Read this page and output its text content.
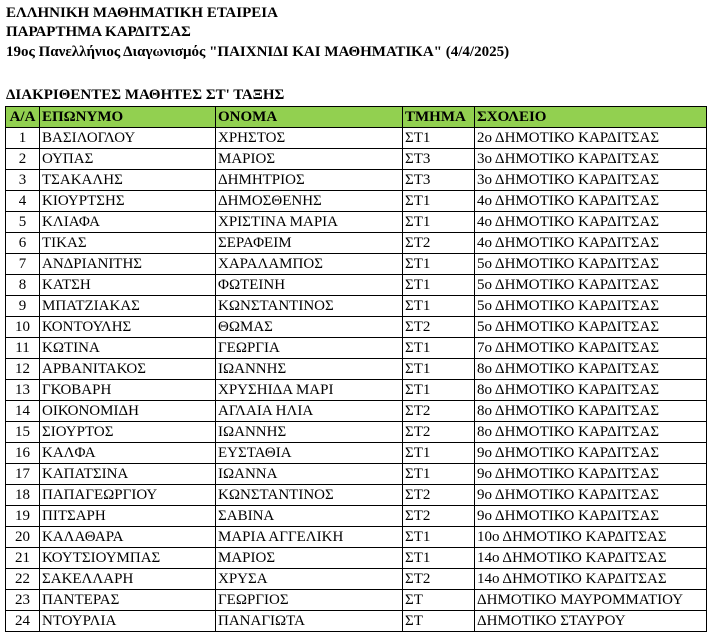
ΕΛΛΗΝΙΚΗ ΜΑΘΗΜΑΤΙΚΗ ΕΤΑΙΡΕΙΑ
ΠΑΡΑΡΤΗΜΑ ΚΑΡΔΙΤΣΑΣ
19ος Πανελλήνιος Διαγωνισμός "ΠΑΙΧΝΙΔΙ ΚΑΙ ΜΑΘΗΜΑΤΙΚΑ" (4/4/2025)
ΔΙΑΚΡΙΘΕΝΤΕΣ ΜΑΘΗΤΕΣ ΣΤ' ΤΑΞΗΣ
Α/Α	ΕΠΩΝΥΜΟ	ΟΝΟΜΑ	ΤΜΗΜΑ	ΣΧΟΛΕΙΟ
1	ΒΑΣΙΛΟΓΛΟΥ	ΧΡΗΣΤΟΣ	ΣΤ1	2ο ΔΗΜΟΤΙΚΟ ΚΑΡΔΙΤΣΑΣ
2	ΟΥΠΑΣ	ΜΑΡΙΟΣ	ΣΤ3	3ο ΔΗΜΟΤΙΚΟ ΚΑΡΔΙΤΣΑΣ
3	ΤΣΑΚΑΛΗΣ	ΔΗΜΗΤΡΙΟΣ	ΣΤ3	3ο ΔΗΜΟΤΙΚΟ ΚΑΡΔΙΤΣΑΣ
4	ΚΙΟΥΡΤΣΗΣ	ΔΗΜΟΣΘΕΝΗΣ	ΣΤ1	4ο ΔΗΜΟΤΙΚΟ ΚΑΡΔΙΤΣΑΣ
5	ΚΛΙΑΦΑ	ΧΡΙΣΤΙΝΑ ΜΑΡΙΑ	ΣΤ1	4ο ΔΗΜΟΤΙΚΟ ΚΑΡΔΙΤΣΑΣ
6	ΤΙΚΑΣ	ΣΕΡΑΦΕΙΜ	ΣΤ2	4ο ΔΗΜΟΤΙΚΟ ΚΑΡΔΙΤΣΑΣ
7	ΑΝΔΡΙΑΝΙΤΗΣ	ΧΑΡΑΛΑΜΠΟΣ	ΣΤ1	5ο ΔΗΜΟΤΙΚΟ ΚΑΡΔΙΤΣΑΣ
8	ΚΑΤΣΗ	ΦΩΤΕΙΝΗ	ΣΤ1	5ο ΔΗΜΟΤΙΚΟ ΚΑΡΔΙΤΣΑΣ
9	ΜΠΑΤΖΙΑΚΑΣ	ΚΩΝΣΤΑΝΤΙΝΟΣ	ΣΤ1	5ο ΔΗΜΟΤΙΚΟ ΚΑΡΔΙΤΣΑΣ
10	ΚΟΝΤΟΥΛΗΣ	ΘΩΜΑΣ	ΣΤ2	5ο ΔΗΜΟΤΙΚΟ ΚΑΡΔΙΤΣΑΣ
11	ΚΩΤΙΝΑ	ΓΕΩΡΓΙΑ	ΣΤ1	7ο ΔΗΜΟΤΙΚΟ ΚΑΡΔΙΤΣΑΣ
12	ΑΡΒΑΝΙΤΑΚΟΣ	ΙΩΑΝΝΗΣ	ΣΤ1	8ο ΔΗΜΟΤΙΚΟ ΚΑΡΔΙΤΣΑΣ
13	ΓΚΟΒΑΡΗ	ΧΡΥΣΗΙΔΑ ΜΑΡΙ	ΣΤ1	8ο ΔΗΜΟΤΙΚΟ ΚΑΡΔΙΤΣΑΣ
14	ΟΙΚΟΝΟΜΙΔΗ	ΑΓΛΑΙΑ ΗΛΙΑ	ΣΤ2	8ο ΔΗΜΟΤΙΚΟ ΚΑΡΔΙΤΣΑΣ
15	ΣΙΟΥΡΤΟΣ	ΙΩΑΝΝΗΣ	ΣΤ2	8ο ΔΗΜΟΤΙΚΟ ΚΑΡΔΙΤΣΑΣ
16	ΚΑΛΦΑ	ΕΥΣΤΑΘΙΑ	ΣΤ1	9ο ΔΗΜΟΤΙΚΟ ΚΑΡΔΙΤΣΑΣ
17	ΚΑΠΑΤΣΙΝΑ	ΙΩΑΝΝΑ	ΣΤ1	9ο ΔΗΜΟΤΙΚΟ ΚΑΡΔΙΤΣΑΣ
18	ΠΑΠΑΓΕΩΡΓΙΟΥ	ΚΩΝΣΤΑΝΤΙΝΟΣ	ΣΤ2	9ο ΔΗΜΟΤΙΚΟ ΚΑΡΔΙΤΣΑΣ
19	ΠΙΤΣΑΡΗ	ΣΑΒΙΝΑ	ΣΤ2	9ο ΔΗΜΟΤΙΚΟ ΚΑΡΔΙΤΣΑΣ
20	ΚΑΛΑΘΑΡΑ	ΜΑΡΙΑ ΑΓΓΕΛΙΚΗ	ΣΤ1	10ο ΔΗΜΟΤΙΚΟ ΚΑΡΔΙΤΣΑΣ
21	ΚΟΥΤΣΙΟΥΜΠΑΣ	ΜΑΡΙΟΣ	ΣΤ1	14ο ΔΗΜΟΤΙΚΟ ΚΑΡΔΙΤΣΑΣ
22	ΣΑΚΕΛΛΑΡΗ	ΧΡΥΣΑ	ΣΤ2	14ο ΔΗΜΟΤΙΚΟ ΚΑΡΔΙΤΣΑΣ
23	ΠΑΝΤΕΡΑΣ	ΓΕΩΡΓΙΟΣ	ΣΤ	ΔΗΜΟΤΙΚΟ ΜΑΥΡΟΜΜΑΤΙΟΥ
24	ΝΤΟΥΡΛΙΑ	ΠΑΝΑΓΙΩΤΑ	ΣΤ	ΔΗΜΟΤΙΚΟ ΣΤΑΥΡΟΥ
